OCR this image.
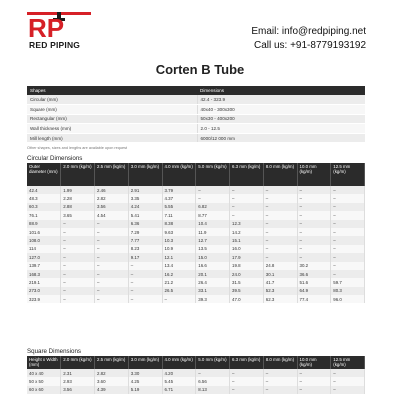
RP
RED PIPING
Email: info@redpiping.net
Call us: +91-8779193192
Corten B Tube
Shapes	Dimensions
Circular (mm)	42.4 - 323.9
Square (mm)	40x40 - 300x300
Rectangular (mm)	50x30 - 400x200
Wall thickness (mm)	2.0 - 12.5
Mill length (mm)	6000/12 000 mm
Other shapes, sizes and lengths are available upon request
Circular Dimensions
Outer diameter (mm)	2.0 mm (kg/m)	2.5 mm (kg/m)	3.0 mm (kg/m)	4.0 mm (kg/m)	5.0 mm (kg/m)	6.3 mm (kg/m)	8.0 mm (kg/m)	10.0 mm (kg/m)	12.5 mm (kg/m)
42.4	1.99	2.46	2.91	3.79	–	–	–	–	–
48.3	2.28	2.82	3.35	4.37	–	–	–	–	–
60.3	2.88	3.56	4.24	5.55	6.82	–	–	–	–
76.1	3.65	4.54	5.41	7.11	8.77	–	–	–	–
88.9	–	–	6.36	8.38	10.4	12.3	–	–	–
101.6	–	–	7.29	9.63	11.9	14.2	–	–	–
108.0	–	–	7.77	10.3	12.7	15.1	–	–	–
114	–	–	8.23	10.9	13.5	16.0	–	–	–
127.0	–	–	9.17	12.1	15.0	17.9	–	–	–
139.7	–	–	–	13.4	16.6	19.8	24.8	30.2	–
168.3	–	–	–	16.2	20.1	24.0	30.1	36.6	–
219.1	–	–	–	21.2	26.4	31.5	41.7	51.6	59.7
273.0	–	–	–	26.5	33.1	39.5	52.3	64.9	80.3
323.9	–	–	–	–	39.3	47.0	62.3	77.4	96.0
Square Dimensions
Height x Width (mm)	2.0 mm (kg/m)	2.5 mm (kg/m)	3.0 mm (kg/m)	4.0 mm (kg/m)	5.0 mm (kg/m)	6.3 mm (kg/m)	8.0 mm (kg/m)	10.0 mm (kg/m)	12.5 mm (kg/m)
40 x 40	2.31	2.82	3.30	4.20	–	–	–	–	–
50 x 50	2.93	3.60	4.25	5.45	6.56	–	–	–	–
60 x 60	3.56	4.39	5.19	6.71	8.13	–	–	–	–
